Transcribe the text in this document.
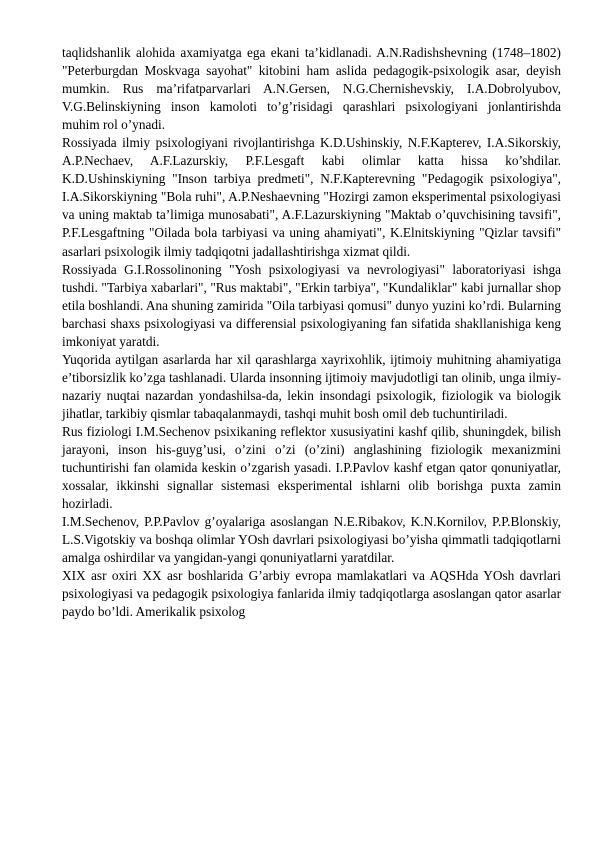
taqlidshanlik alohida axamiyatga ega ekani ta’kidlanadi. A.N.Radishshevning (1748–1802) "Peterburgdan Moskvaga sayohat" kitobini ham aslida pedagogik-psixologik asar, deyish mumkin. Rus ma’rifatparvarlari A.N.Gersen, N.G.Chernishevskiy, I.A.Dobrolyubov, V.G.Belinskiyning inson kamoloti to’g’risidagi qarashlari psixologiyani jonlantirishda muhim rol o’ynadi.

Rossiyada ilmiy psixologiyani rivojlantirishga K.D.Ushinskiy, N.F.Kapterev, I.A.Sikorskiy, A.P.Nechaev, A.F.Lazurskiy, P.F.Lesgaft kabi olimlar katta hissa ko’shdilar. K.D.Ushinskiyning "Inson tarbiya predmeti", N.F.Kapterevning "Pedagogik psixologiya", I.A.Sikorskiyning "Bola ruhi", A.P.Neshaevning "Hozirgi zamon eksperimental psixologiyasi va uning maktab ta’limiga munosabati", A.F.Lazurskiyning "Maktab o’quvchisining tavsifi", P.F.Lesgaftning "Oilada bola tarbiyasi va uning ahamiyati", K.Elnitskiyning "Qizlar tavsifi" asarlari psixologik ilmiy tadqiqotni jadallashtirishga xizmat qildi.

Rossiyada G.I.Rossolinoning "Yosh psixologiyasi va nevrologiyasi" laboratoriyasi ishga tushdi. "Tarbiya xabarlari", "Rus maktabi", "Erkin tarbiya", "Kundaliklar" kabi jurnallar shop etila boshlandi. Ana shuning zamirida "Oila tarbiyasi qomusi" dunyo yuzini ko’rdi. Bularning barchasi shaxs psixologiyasi va differensial psixologiyaning fan sifatida shakllanishiga keng imkoniyat yaratdi.

Yuqorida aytilgan asarlarda har xil qarashlarga xayrixohlik, ijtimoiy muhitning ahamiyatiga e’tiborsizlik ko’zga tashlanadi. Ularda insonning ijtimoiy mavjudotligi tan olinib, unga ilmiy-nazariy nuqtai nazardan yondashilsa-da, lekin insondagi psixologik, fiziologik va biologik jihatlar, tarkibiy qismlar tabaqalanmaydi, tashqi muhit bosh omil deb tuchuntiriladi.

Rus fiziologi I.M.Sechenov psixikaning reflektor xususiyatini kashf qilib, shuningdek, bilish jarayoni, inson his-guyg’usi, o’zini o’zi (o’zini) anglashining fiziologik mexanizmini tuchuntirishi fan olamida keskin o’zgarish yasadi. I.P.Pavlov kashf etgan qator qonuniyatlar, xossalar, ikkinshi signallar sistemasi eksperimental ishlarni olib borishga puxta zamin hozirladi.

I.M.Sechenov, P.P.Pavlov g’oyalariga asoslangan N.E.Ribakov, K.N.Kornilov, P.P.Blonskiy, L.S.Vigotskiy va boshqa olimlar YOsh davrlari psixologiyasi bo’yisha qimmatli tadqiqotlarni amalga oshirdilar va yangidan-yangi qonuniyatlarni yaratdilar.

XIX asr oxiri XX asr boshlarida G’arbiy evropa mamlakatlari va AQSHda YOsh davrlari psixologiyasi va pedagogik psixologiya fanlarida ilmiy tadqiqotlarga asoslangan qator asarlar paydo bo’ldi. Amerikalik psixolog
